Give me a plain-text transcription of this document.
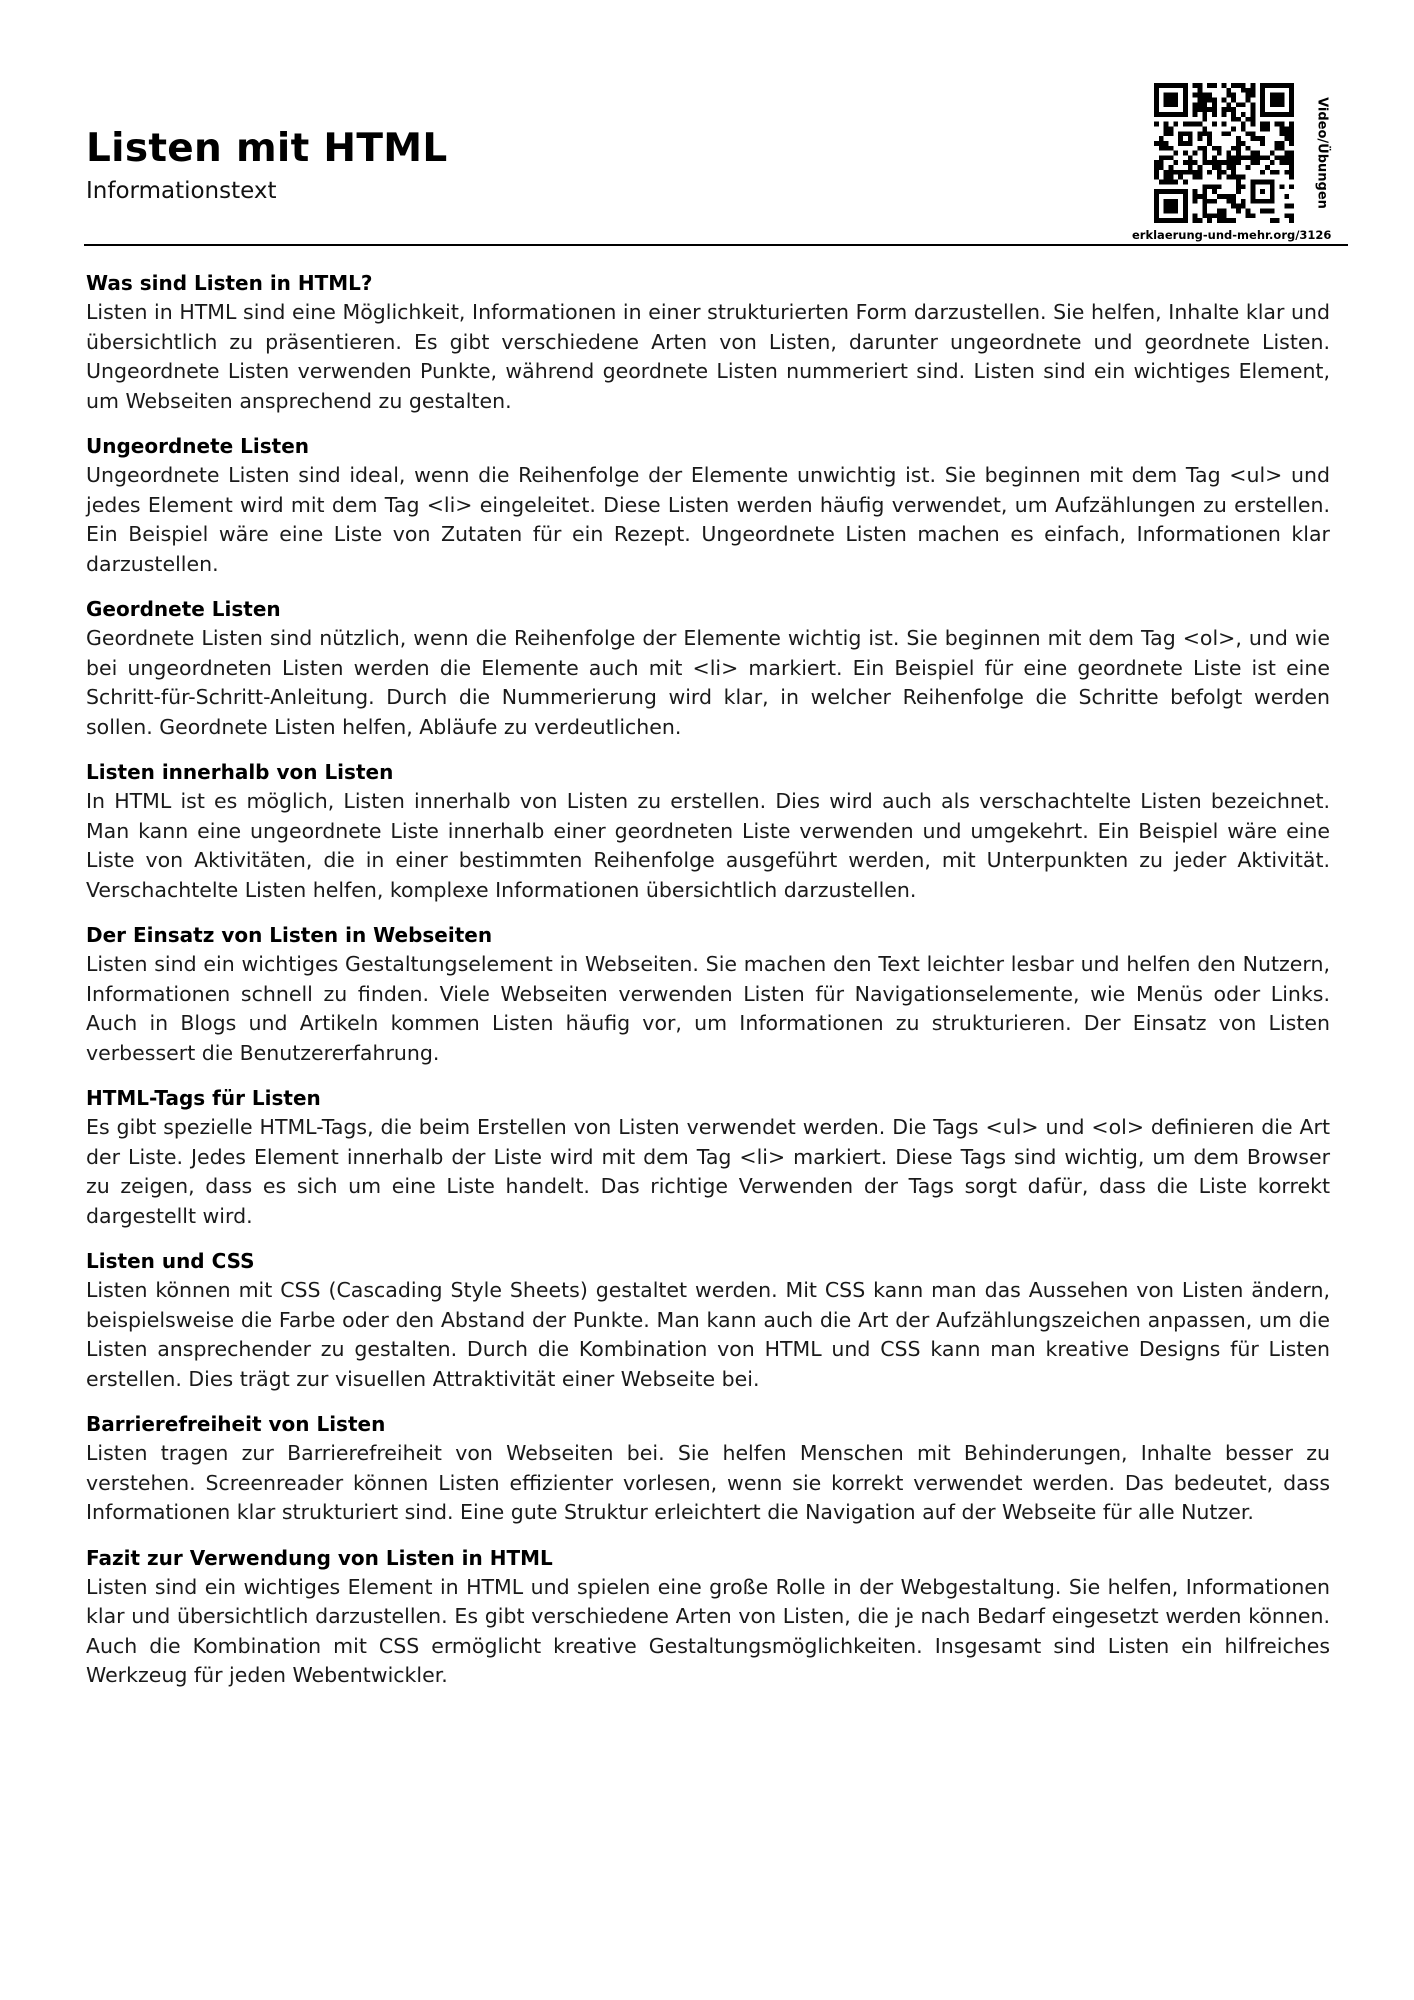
Listen mit HTML
Informationstext	Video/Übungen
erklaerung-und-mehr.org/3126

Was sind Listen in HTML?

Listen in HTML sind eine Möglichkeit, Informationen in einer strukturierten Form darzustellen. Sie helfen, Inhalte klar und übersichtlich zu präsentieren. Es gibt verschiedene Arten von Listen, darunter ungeordnete und geordnete Listen. Ungeordnete Listen verwenden Punkte, während geordnete Listen nummeriert sind. Listen sind ein wichtiges Element, um Webseiten ansprechend zu gestalten.

Ungeordnete Listen

Ungeordnete Listen sind ideal, wenn die Reihenfolge der Elemente unwichtig ist. Sie beginnen mit dem Tag <ul> und jedes Element wird mit dem Tag <li> eingeleitet. Diese Listen werden häufig verwendet, um Aufzählungen zu erstellen. Ein Beispiel wäre eine Liste von Zutaten für ein Rezept. Ungeordnete Listen machen es einfach, Informationen klar darzustellen.

Geordnete Listen

Geordnete Listen sind nützlich, wenn die Reihenfolge der Elemente wichtig ist. Sie beginnen mit dem Tag <ol>, und wie bei ungeordneten Listen werden die Elemente auch mit <li> markiert. Ein Beispiel für eine geordnete Liste ist eine Schritt-für-Schritt-Anleitung. Durch die Nummerierung wird klar, in welcher Reihenfolge die Schritte befolgt werden sollen. Geordnete Listen helfen, Abläufe zu verdeutlichen.

Listen innerhalb von Listen

In HTML ist es möglich, Listen innerhalb von Listen zu erstellen. Dies wird auch als verschachtelte Listen bezeichnet. Man kann eine ungeordnete Liste innerhalb einer geordneten Liste verwenden und umgekehrt. Ein Beispiel wäre eine Liste von Aktivitäten, die in einer bestimmten Reihenfolge ausgeführt werden, mit Unterpunkten zu jeder Aktivität. Verschachtelte Listen helfen, komplexe Informationen übersichtlich darzustellen.

Der Einsatz von Listen in Webseiten

Listen sind ein wichtiges Gestaltungselement in Webseiten. Sie machen den Text leichter lesbar und helfen den Nutzern, Informationen schnell zu finden. Viele Webseiten verwenden Listen für Navigationselemente, wie Menüs oder Links. Auch in Blogs und Artikeln kommen Listen häufig vor, um Informationen zu strukturieren. Der Einsatz von Listen verbessert die Benutzererfahrung.

HTML-Tags für Listen

Es gibt spezielle HTML-Tags, die beim Erstellen von Listen verwendet werden. Die Tags <ul> und <ol> definieren die Art der Liste. Jedes Element innerhalb der Liste wird mit dem Tag <li> markiert. Diese Tags sind wichtig, um dem Browser zu zeigen, dass es sich um eine Liste handelt. Das richtige Verwenden der Tags sorgt dafür, dass die Liste korrekt dargestellt wird.

Listen und CSS

Listen können mit CSS (Cascading Style Sheets) gestaltet werden. Mit CSS kann man das Aussehen von Listen ändern, beispielsweise die Farbe oder den Abstand der Punkte. Man kann auch die Art der Aufzählungszeichen anpassen, um die Listen ansprechender zu gestalten. Durch die Kombination von HTML und CSS kann man kreative Designs für Listen erstellen. Dies trägt zur visuellen Attraktivität einer Webseite bei.

Barrierefreiheit von Listen

Listen tragen zur Barrierefreiheit von Webseiten bei. Sie helfen Menschen mit Behinderungen, Inhalte besser zu verstehen. Screenreader können Listen effizienter vorlesen, wenn sie korrekt verwendet werden. Das bedeutet, dass Informationen klar strukturiert sind. Eine gute Struktur erleichtert die Navigation auf der Webseite für alle Nutzer.

Fazit zur Verwendung von Listen in HTML

Listen sind ein wichtiges Element in HTML und spielen eine große Rolle in der Webgestaltung. Sie helfen, Informationen klar und übersichtlich darzustellen. Es gibt verschiedene Arten von Listen, die je nach Bedarf eingesetzt werden können. Auch die Kombination mit CSS ermöglicht kreative Gestaltungsmöglichkeiten. Insgesamt sind Listen ein hilfreiches Werkzeug für jeden Webentwickler.
